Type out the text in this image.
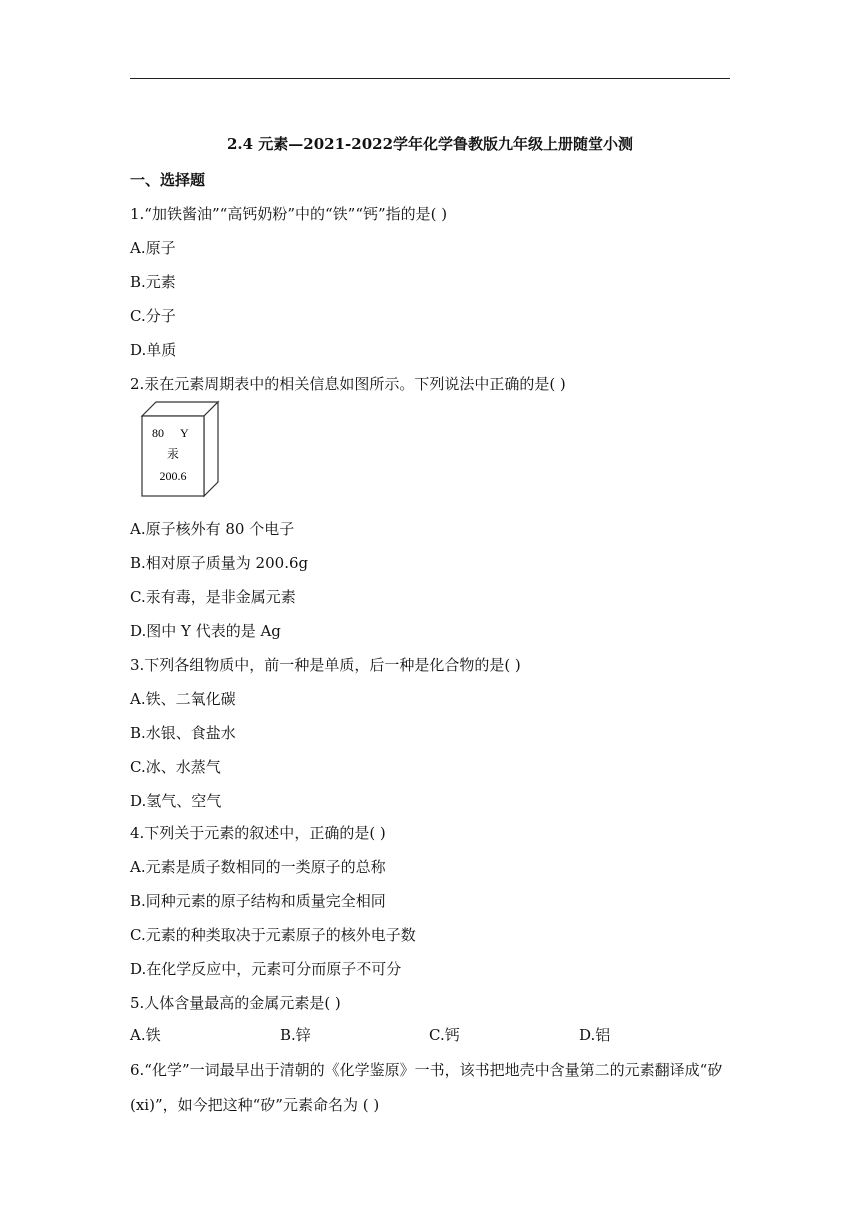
2.4 元素—2021-2022学年化学鲁教版九年级上册随堂小测
一、选择题
1.“加铁酱油”“高钙奶粉”中的“铁”“钙”指的是( )
A.原子
B.元素
C.分子
D.单质
2.汞在元素周期表中的相关信息如图所示。下列说法中正确的是( )
80 Y
汞
200.6
A.原子核外有 80 个电子
B.相对原子质量为 200.6g
C.汞有毒，是非金属元素
D.图中 Y 代表的是 Ag
3.下列各组物质中，前一种是单质，后一种是化合物的是( )
A.铁、二氧化碳
B.水银、食盐水
C.冰、水蒸气
D.氢气、空气
4.下列关于元素的叙述中，正确的是( )
A.元素是质子数相同的一类原子的总称
B.同种元素的原子结构和质量完全相同
C.元素的种类取决于元素原子的核外电子数
D.在化学反应中，元素可分而原子不可分
5.人体含量最高的金属元素是( )
A.铁	B.锌	C.钙	D.铝
6.“化学”一词最早出于清朝的《化学鉴原》一书，该书把地壳中含量第二的元素翻译成“矽
(xi)”，如今把这种“矽”元素命名为 ( )
